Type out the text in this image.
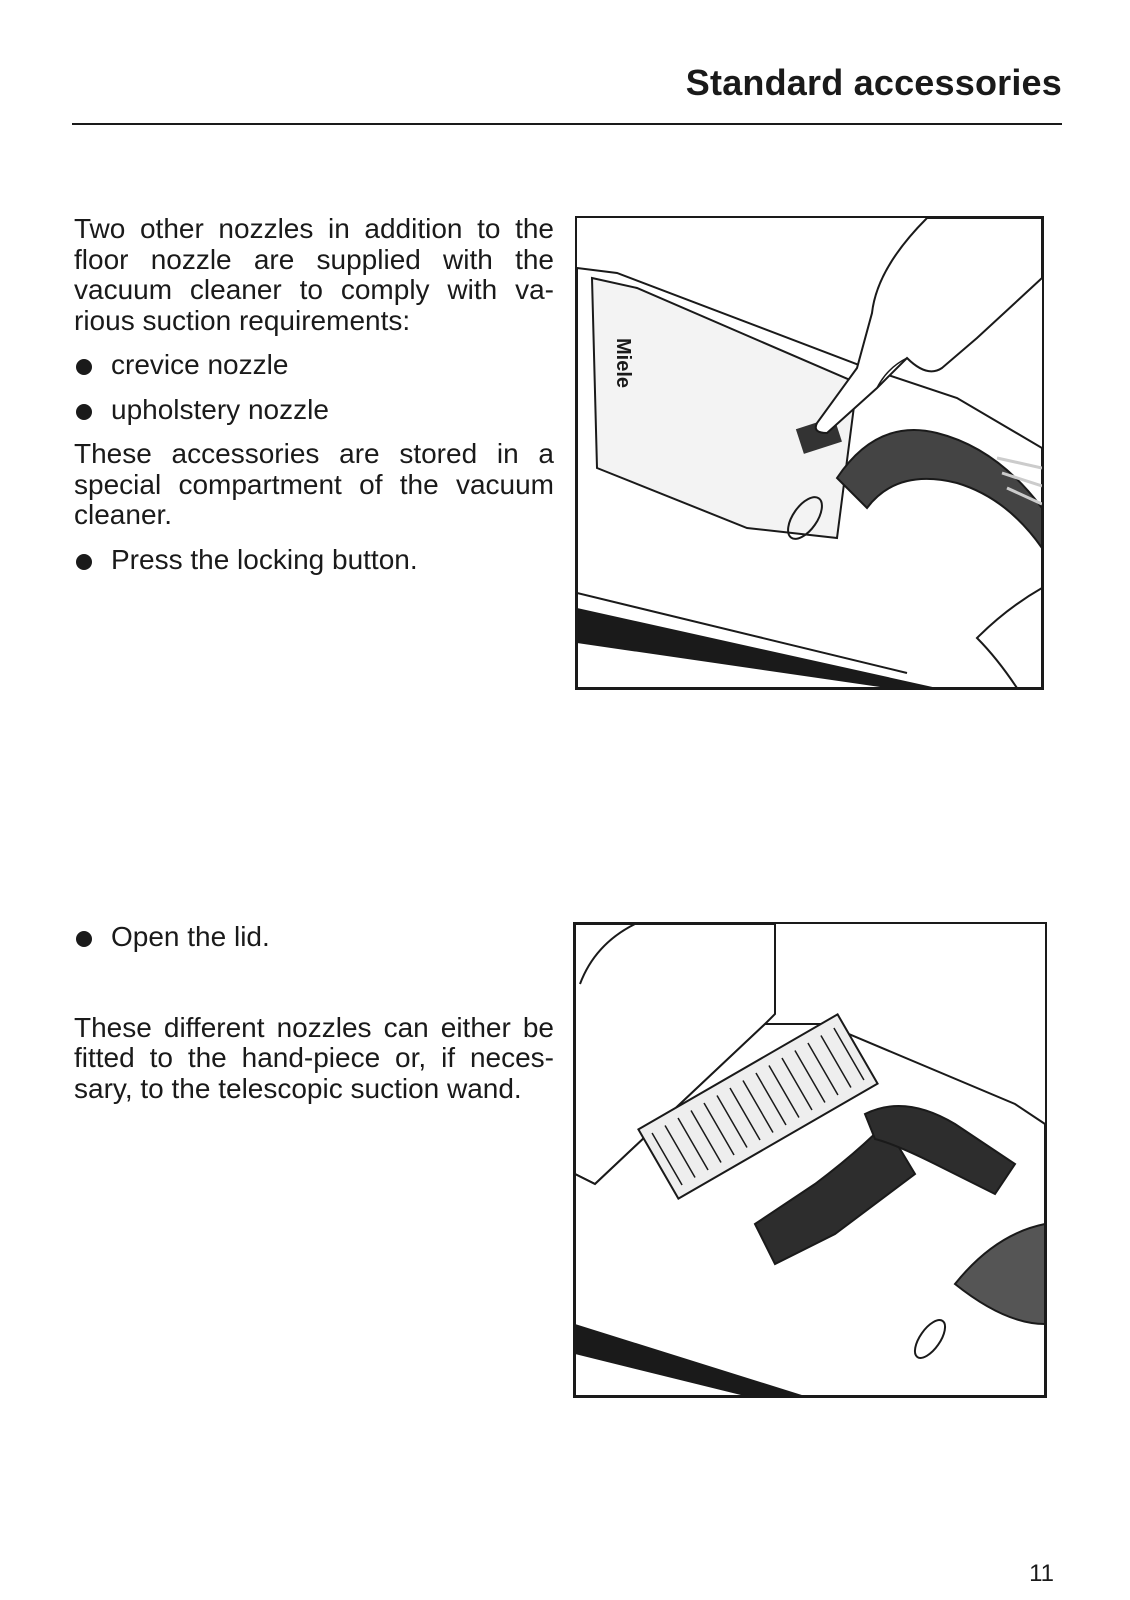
Standard accessories

Two other nozzles in addition to the floor nozzle are supplied with the vacuum cleaner to comply with va-rious suction requirements:

crevice nozzle
upholstery nozzle

These accessories are stored in a special compartment of the vacuum cleaner.

Press the locking button.
Miele
Open the lid.

These different nozzles can either be fitted to the hand-piece or, if neces-sary, to the telescopic suction wand.

11
